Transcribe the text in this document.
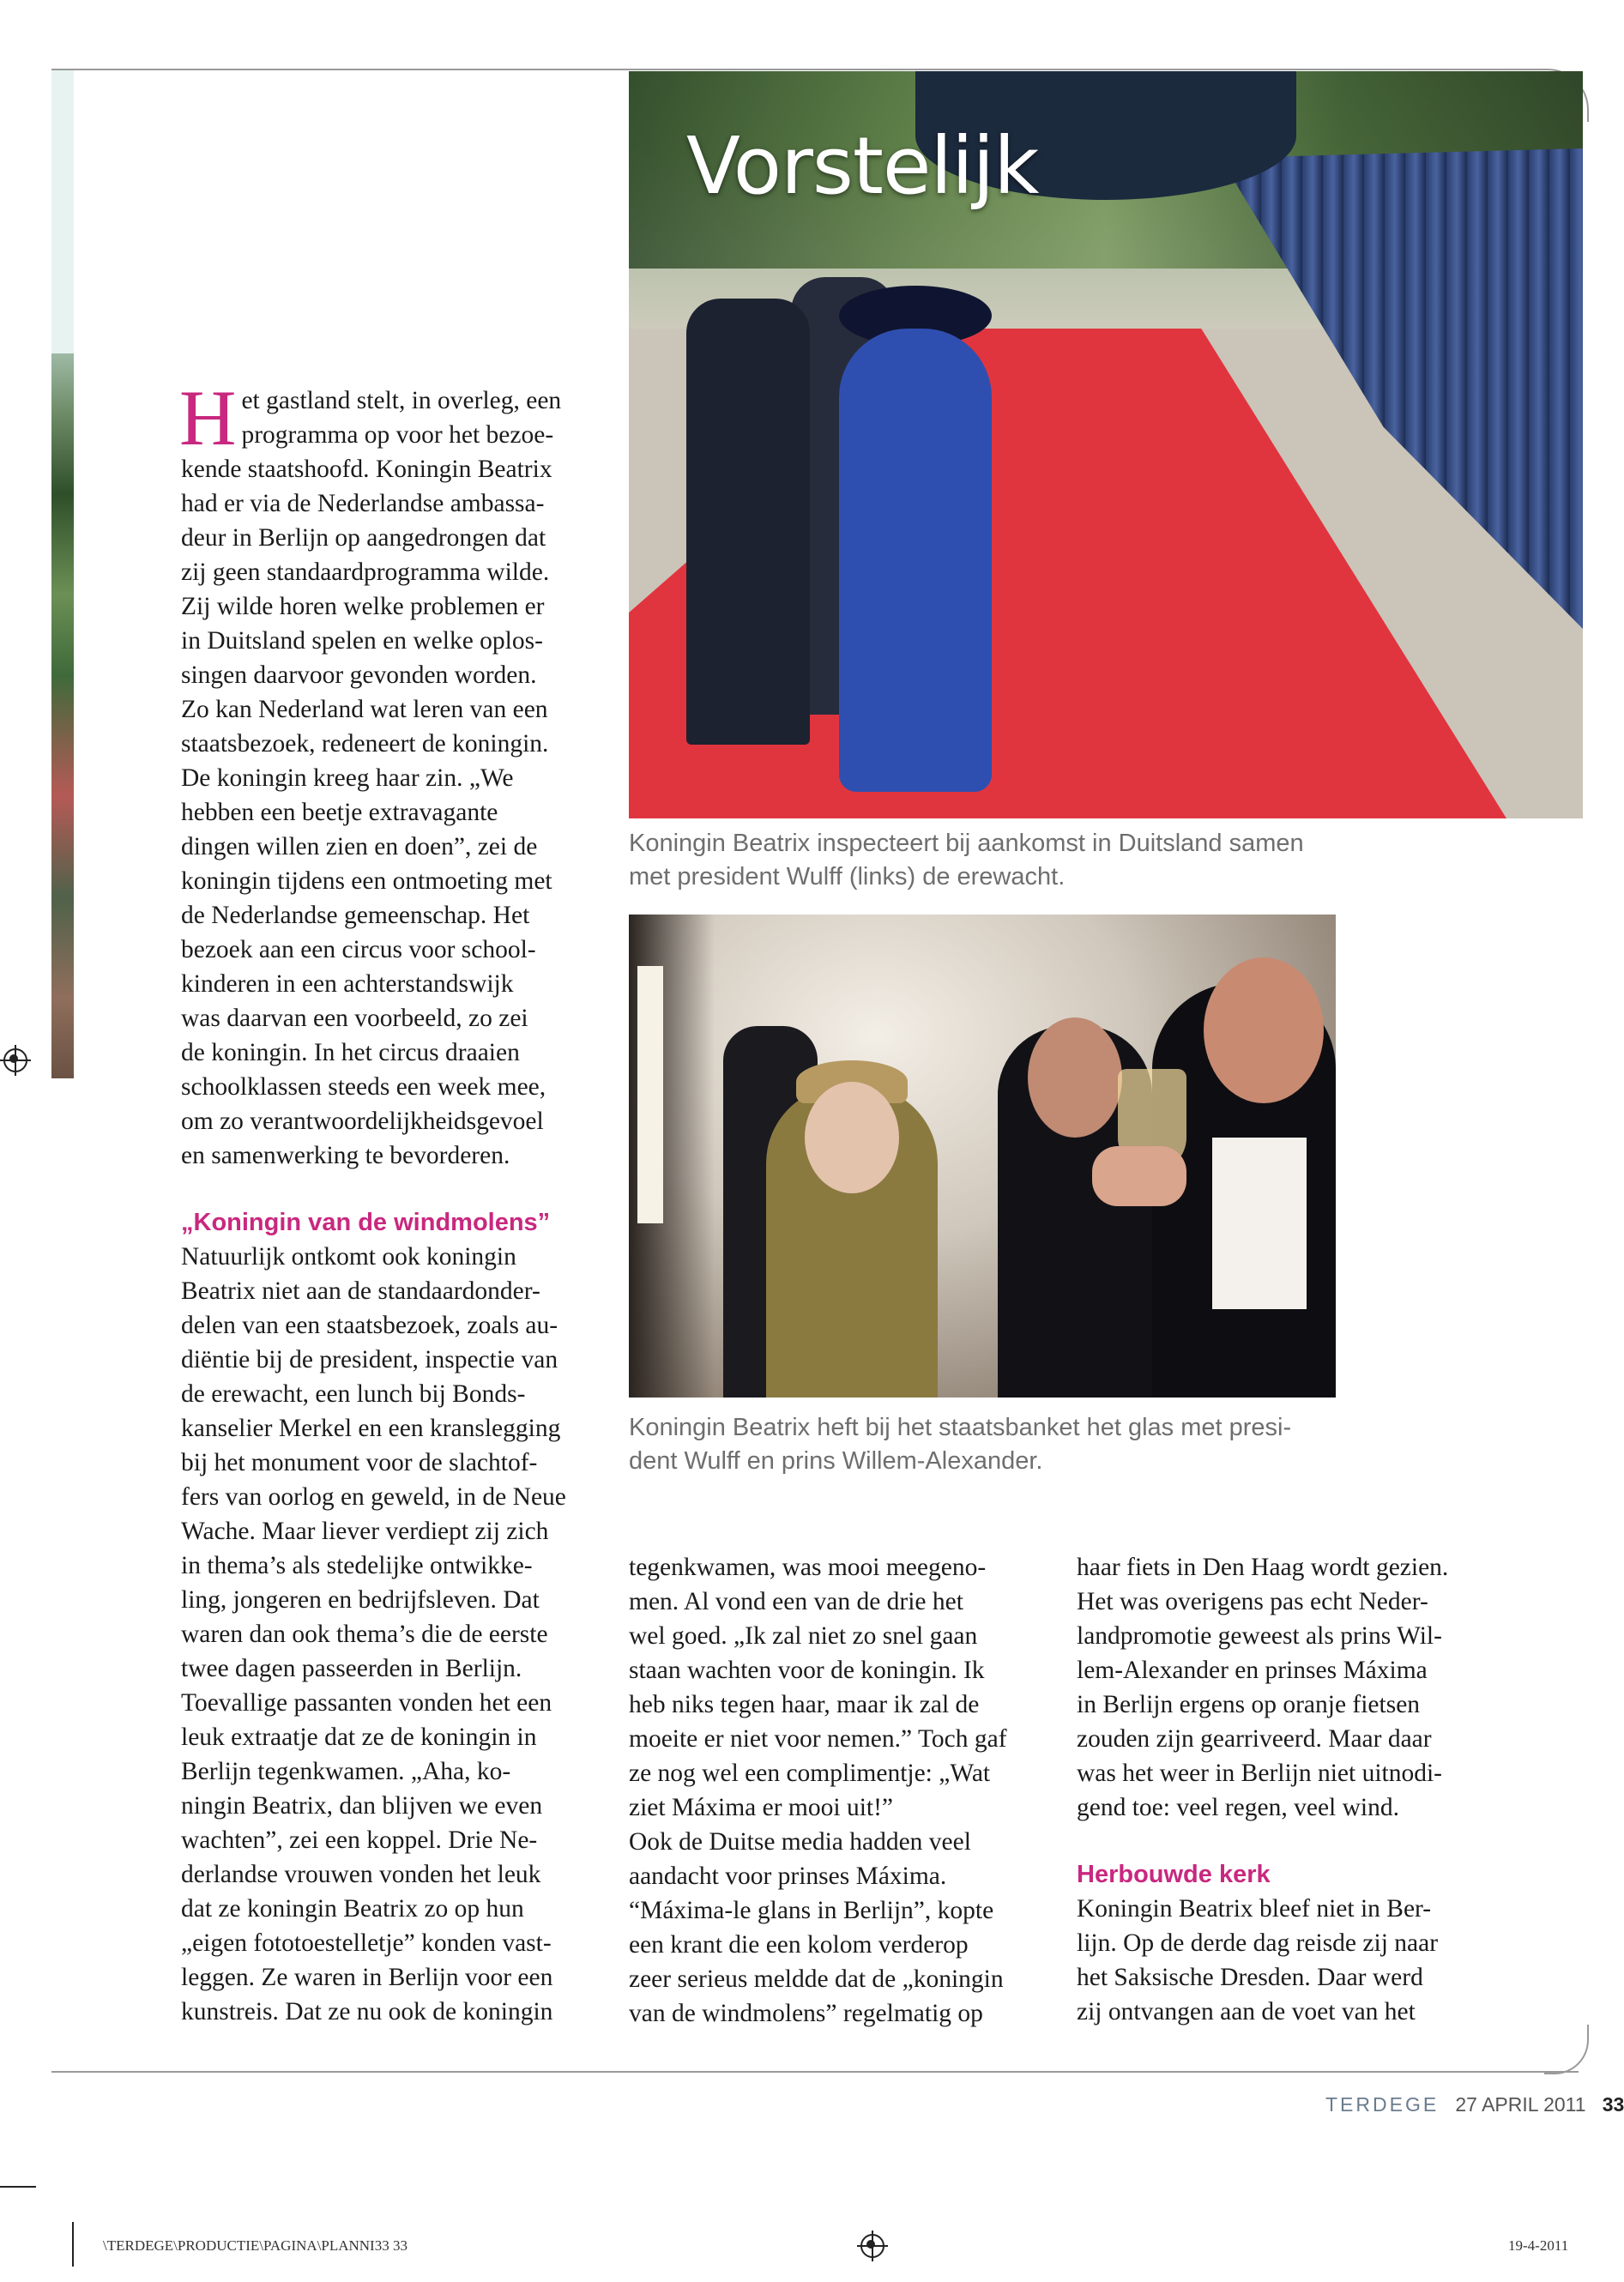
Vorstelijk
Koningin Beatrix inspecteert bij aankomst in Duitsland samen
met president Wulff (links) de erewacht.
Koningin Beatrix heft bij het staatsbanket het glas met presi-
dent Wulff en prins Willem-Alexander.
H et gastland stelt, in overleg, een
programma op voor het bezoe-
kende staatshoofd. Koningin Beatrix
had er via de Nederlandse ambassa-
deur in Berlijn op aangedrongen dat
zij geen standaardprogramma wilde.
Zij wilde horen welke problemen er
in Duitsland spelen en welke oplos-
singen daarvoor gevonden worden.
Zo kan Nederland wat leren van een
staatsbezoek, redeneert de koningin.
De koningin kreeg haar zin. „We
hebben een beetje extravagante
dingen willen zien en doen”, zei de
koningin tijdens een ontmoeting met
de Nederlandse gemeenschap. Het
bezoek aan een circus voor school-
kinderen in een achterstandswijk
was daarvan een voorbeeld, zo zei
de koningin. In het circus draaien
schoolklassen steeds een week mee,
om zo verantwoordelijkheidsgevoel
en samenwerking te bevorderen.
„Koningin van de windmolens”
Natuurlijk ontkomt ook koningin
Beatrix niet aan de standaardonder-
delen van een staatsbezoek, zoals au-
diëntie bij de president, inspectie van
de erewacht, een lunch bij Bonds-
kanselier Merkel en een kranslegging
bij het monument voor de slachtof-
fers van oorlog en geweld, in de Neue
Wache. Maar liever verdiept zij zich
in thema’s als stedelijke ontwikke-
ling, jongeren en bedrijfsleven. Dat
waren dan ook thema’s die de eerste
twee dagen passeerden in Berlijn.
Toevallige passanten vonden het een
leuk extraatje dat ze de koningin in
Berlijn tegenkwamen. „Aha, ko-
ningin Beatrix, dan blijven we even
wachten”, zei een koppel. Drie Ne-
derlandse vrouwen vonden het leuk
dat ze koningin Beatrix zo op hun
„eigen fototoestelletje” konden vast-
leggen. Ze waren in Berlijn voor een
kunstreis. Dat ze nu ook de koningin
tegenkwamen, was mooi meegeno-
men. Al vond een van de drie het
wel goed. „Ik zal niet zo snel gaan
staan wachten voor de koningin. Ik
heb niks tegen haar, maar ik zal de
moeite er niet voor nemen.” Toch gaf
ze nog wel een complimentje: „Wat
ziet Máxima er mooi uit!”
Ook de Duitse media hadden veel
aandacht voor prinses Máxima.
“Máxima-le glans in Berlijn”, kopte
een krant die een kolom verderop
zeer serieus meldde dat de „koningin
van de windmolens” regelmatig op
haar fiets in Den Haag wordt gezien.
Het was overigens pas echt Neder-
landpromotie geweest als prins Wil-
lem-Alexander en prinses Máxima
in Berlijn ergens op oranje fietsen
zouden zijn gearriveerd. Maar daar
was het weer in Berlijn niet uitnodi-
gend toe: veel regen, veel wind.
Herbouwde kerk
Koningin Beatrix bleef niet in Ber-
lijn. Op de derde dag reisde zij naar
het Saksische Dresden. Daar werd
zij ontvangen aan de voet van het
TERDEGE 27 APRIL 2011 33
\TERDEGE\PRODUCTIE\PAGINA\PLANNI33 33	19-4-2011
